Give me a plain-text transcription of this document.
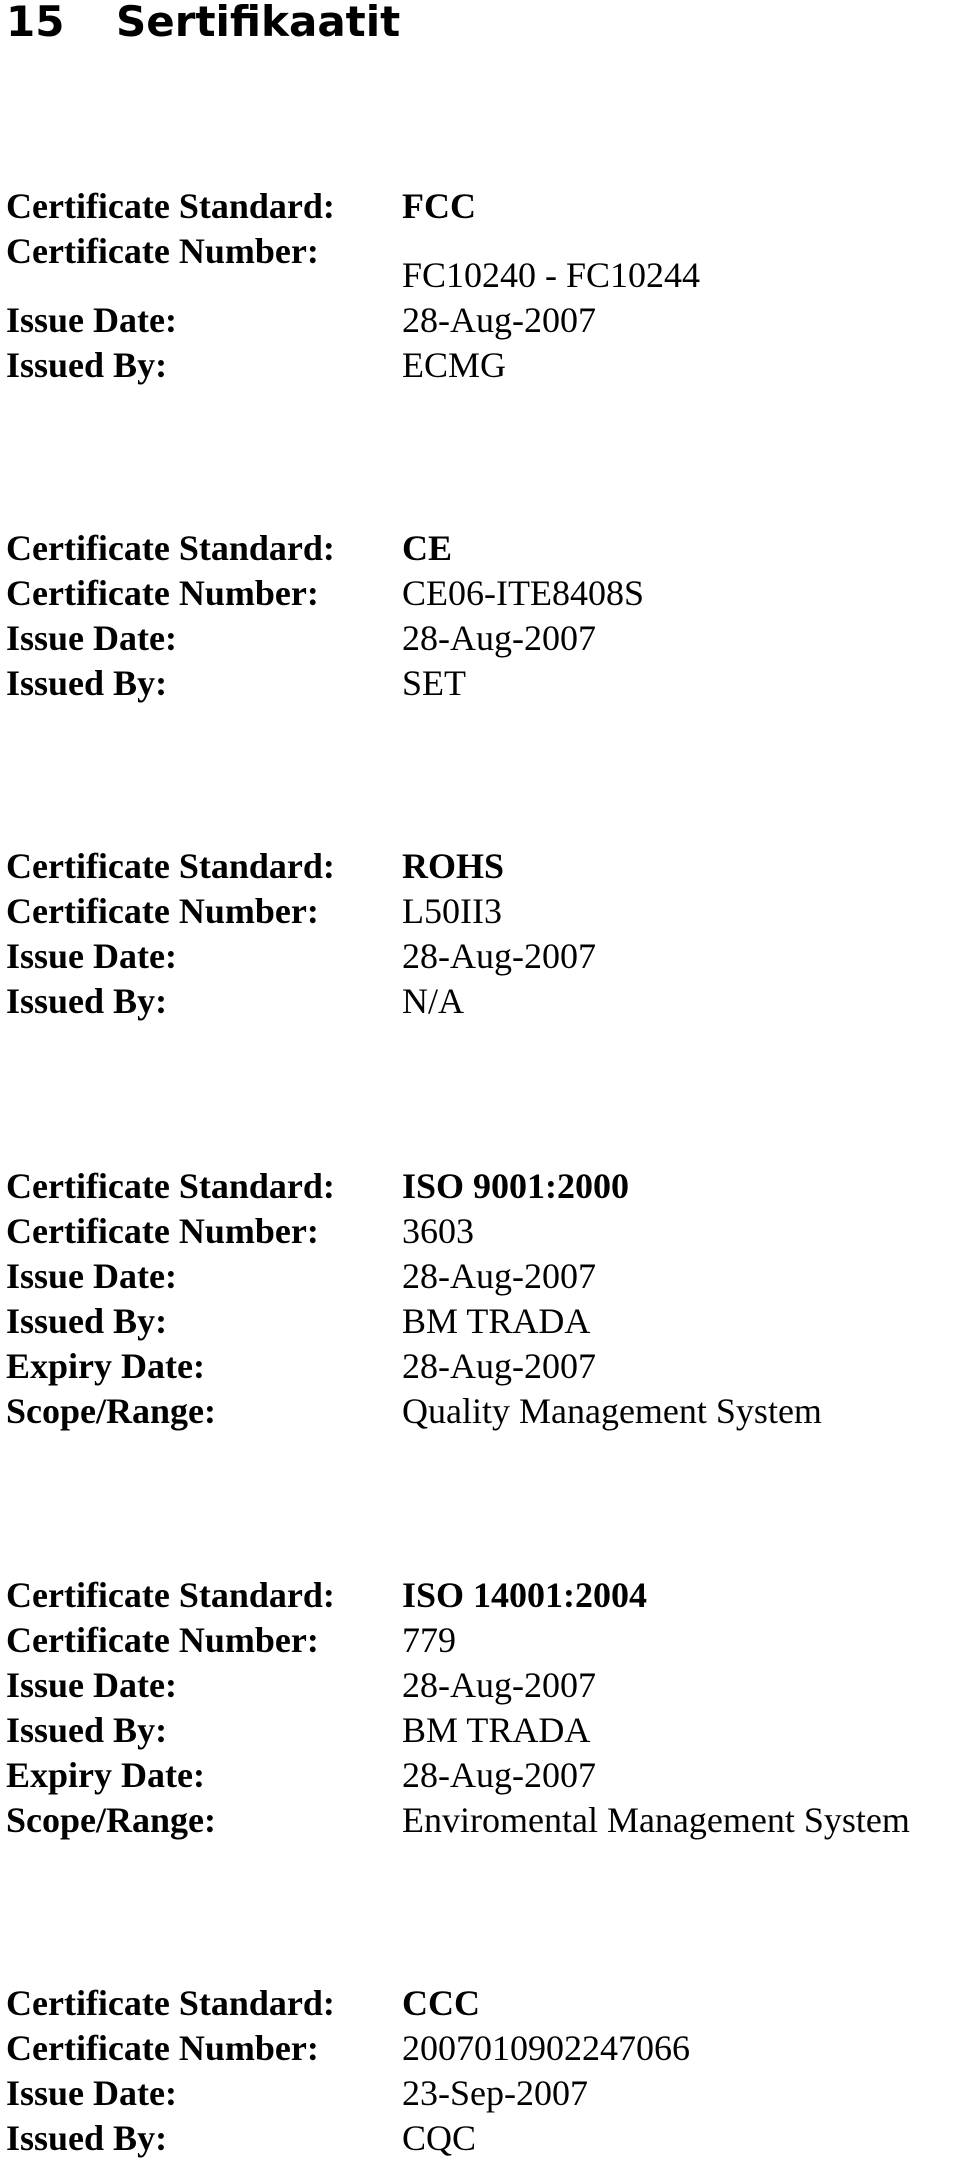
15 Sertifikaatit
Certificate Standard: FCC
Certificate Number:
FC10240 - FC10244
Issue Date:	28-Aug-2007
Issued By:	ECMG
Certificate Standard: CE
Certificate Number: CE06-ITE8408S
Issue Date:	28-Aug-2007
Issued By:	SET
Certificate Standard: ROHS
Certificate Number: L50II3
Issue Date:	28-Aug-2007
Issued By:	N/A
Certificate Standard: ISO 9001:2000
Certificate Number: 3603
Issue Date:	28-Aug-2007
Issued By:	BM TRADA
Expiry Date:	28-Aug-2007
Scope/Range:	Quality Management System
Certificate Standard: ISO 14001:2004
Certificate Number: 779
Issue Date:	28-Aug-2007
Issued By:	BM TRADA
Expiry Date:	28-Aug-2007
Scope/Range:	Enviromental Management System
Certificate Standard: CCC
Certificate Number: 2007010902247066
Issue Date:	23-Sep-2007
Issued By:	CQC
